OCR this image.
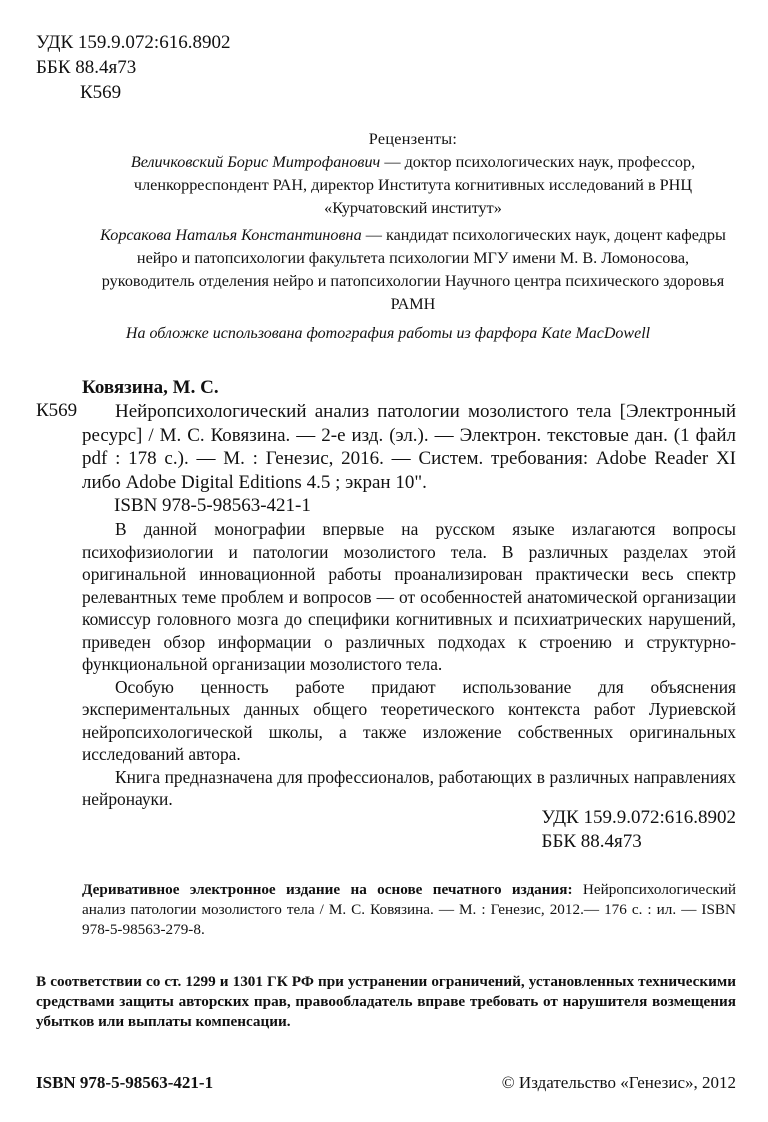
УДК 159.9.072:616.8902
ББК 88.4я73
К569
Рецензенты:
Величковский Борис Митрофанович — доктор психологических наук, профессор, членкорреспондент РАН, директор Института когнитивных исследований в РНЦ «Курчатовский институт»
Корсакова Наталья Константиновна — кандидат психологических наук, доцент кафедры нейро и патопсихологии факультета психологии МГУ имени М. В. Ломоносова, руководитель отделения нейро и патопсихологии Научного центра психического здоровья РАМН
На обложке использована фотография работы из фарфора Kate MacDowell
Ковязина, М. С.
К569	Нейропсихологический анализ патологии мозолистого тела [Электронный ресурс] / М. С. Ковязина. — 2-е изд. (эл.). — Электрон. текстовые дан. (1 файл pdf : 178 с.). — М. : Генезис, 2016. — Систем. требования: Adobe Reader XI либо Adobe Digital Editions 4.5 ; экран 10".
ISBN 978-5-98563-421-1

В данной монографии впервые на русском языке излагаются вопросы психофизиологии и патологии мозолистого тела. В различных разделах этой оригинальной инновационной работы проанализирован практически весь спектр релевантных теме проблем и вопросов — от особенностей анатомической организации комиссур головного мозга до специфики когнитивных и психиатрических нарушений, приведен обзор информации о различных подходах к строению и структурно-функциональной организации мозолистого тела.

Особую ценность работе придают использование для объяснения экспериментальных данных общего теоретического контекста работ Луриевской нейропсихологической школы, а также изложение собственных оригинальных исследований автора.

Книга предназначена для профессионалов, работающих в различных направлениях нейронауки.

УДК 159.9.072:616.8902
ББК 88.4я73
Деривативное электронное издание на основе печатного издания: Нейропсихологический анализ патологии мозолистого тела / М. С. Ковязина. — М. : Генезис, 2012.— 176 с. : ил. — ISBN 978-5-98563-279-8.
В соответствии со ст. 1299 и 1301 ГК РФ при устранении ограничений, установленных техническими средствами защиты авторских прав, правообладатель вправе требовать от нарушителя возмещения убытков или выплаты компенсации.
ISBN 978-5-98563-421-1	© Издательство «Генезис», 2012
